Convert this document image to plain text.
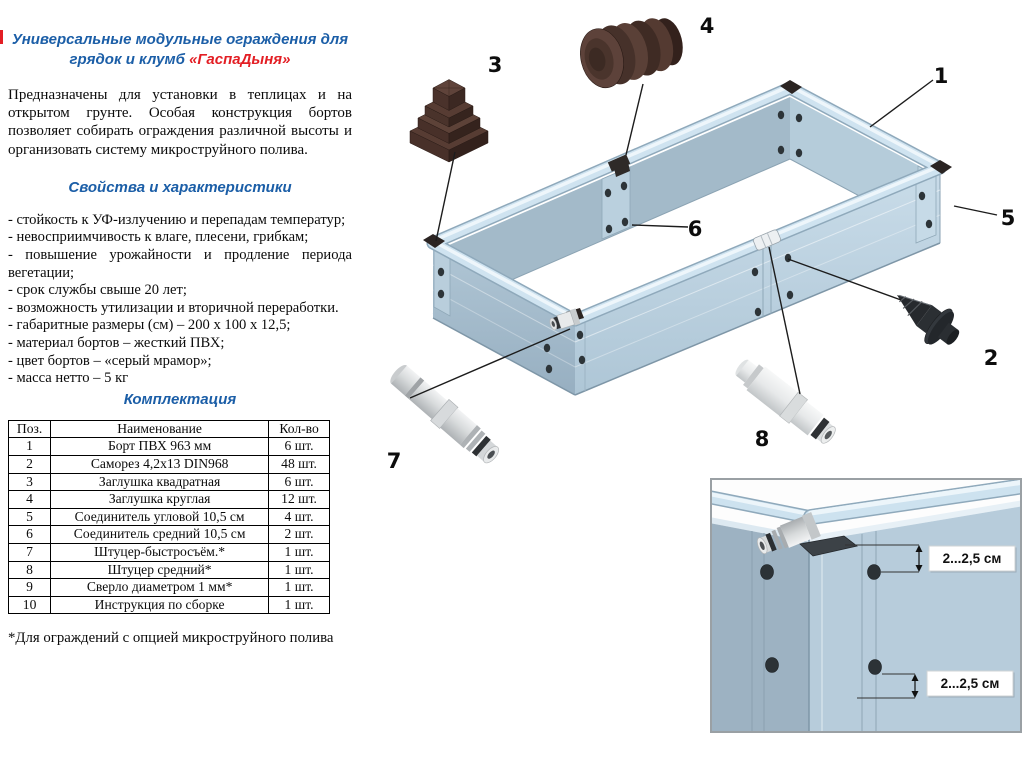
Универсальные модульные ограждения для грядок и клумб «ГаспаДыня»

Предназначены для установки в теплицах и на открытом грунте. Особая конструкция бортов позволяет собирать ограждения различной высоты и организовать систему микроструйного полива.

Свойства и характеристики

- стойкость к УФ-излучению и перепадам температур;
- невосприимчивость к влаге, плесени, грибкам;
- повышение урожайности и продление периода вегетации;
- срок службы свыше 20 лет;
- возможность утилизации и вторичной переработки.
- габаритные размеры (см) – 200 х 100 х 12,5;
- материал бортов – жесткий ПВХ;
- цвет бортов – «серый мрамор»;
- масса нетто – 5 кг

Комплектация

Поз.	Наименование	Кол-во
1	Борт ПВХ 963 мм	6 шт.
2	Саморез 4,2х13 DIN968	48 шт.
3	Заглушка квадратная	6 шт.
4	Заглушка круглая	12 шт.
5	Соединитель угловой 10,5 см	4 шт.
6	Соединитель средний 10,5 см	2 шт.
7	Штуцер-быстросъём.*	1 шт.
8	Штуцер средний*	1 шт.
9	Сверло диаметром 1 мм*	1 шт.
10	Инструкция по сборке	1 шт.

*Для ограждений с опцией микроструйного полива

1
2
3
4
5
6
7
8
2...2,5 см
2...2,5 см
